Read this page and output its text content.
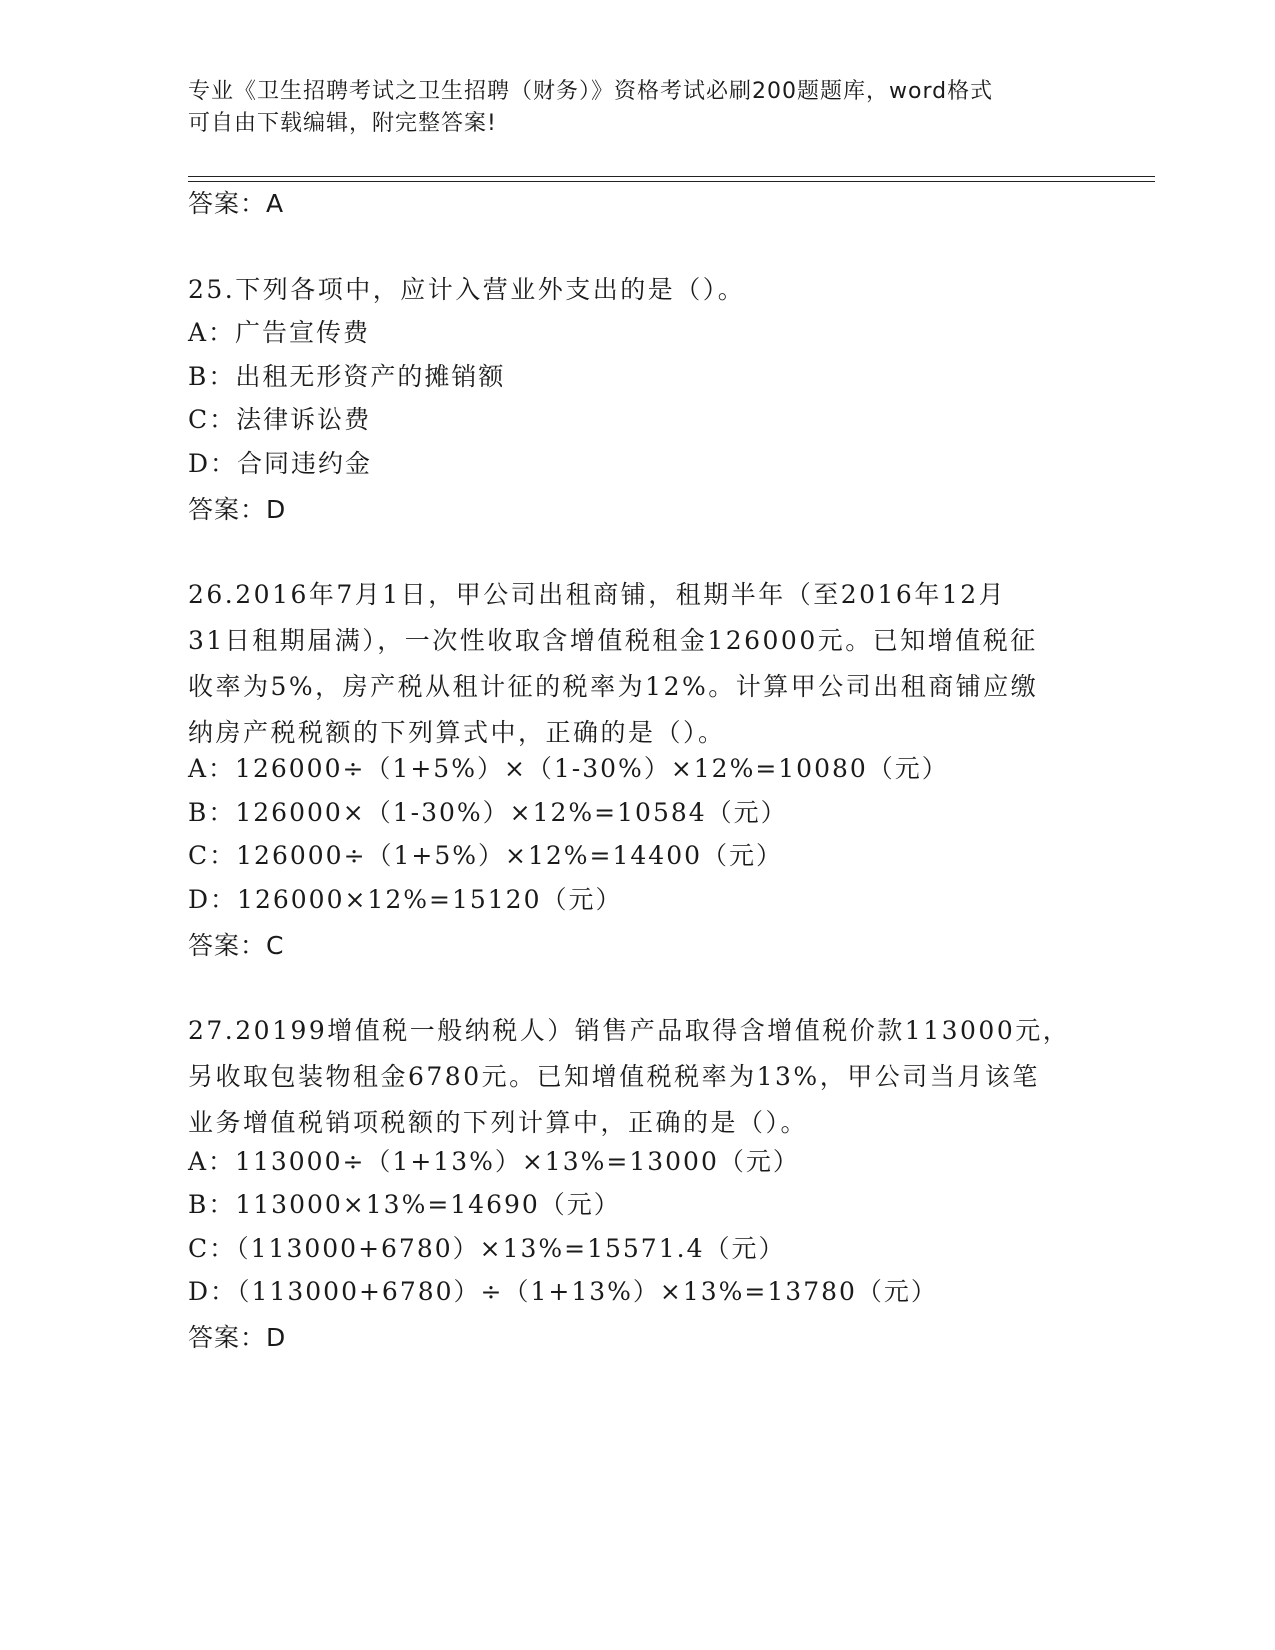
专业《卫生招聘考试之卫生招聘（财务）》资格考试必刷200题题库，word格式
可自由下载编辑，附完整答案!
答案：A
25.下列各项中，应计入营业外支出的是（）。
A：广告宣传费
B：出租无形资产的摊销额
C：法律诉讼费
D：合同违约金
答案：D
26.2016年7月1日，甲公司出租商铺，租期半年（至2016年12月
31日租期届满），一次性收取含增值税租金126000元。已知增值税征
收率为5%，房产税从租计征的税率为12%。计算甲公司出租商铺应缴
纳房产税税额的下列算式中，正确的是（）。
A：126000÷（1+5%）×（1-30%）×12%=10080（元）
B：126000×（1-30%）×12%=10584（元）
C：126000÷（1+5%）×12%=14400（元）
D：126000×12%=15120（元）
答案：C
27.20199增值税一般纳税人）销售产品取得含增值税价款113000元，
另收取包装物租金6780元。已知增值税税率为13%，甲公司当月该笔
业务增值税销项税额的下列计算中，正确的是（）。
A：113000÷（1+13%）×13%=13000（元）
B：113000×13%=14690（元）
C：（113000+6780）×13%=15571.4（元）
D：（113000+6780）÷（1+13%）×13%=13780（元）
答案：D
